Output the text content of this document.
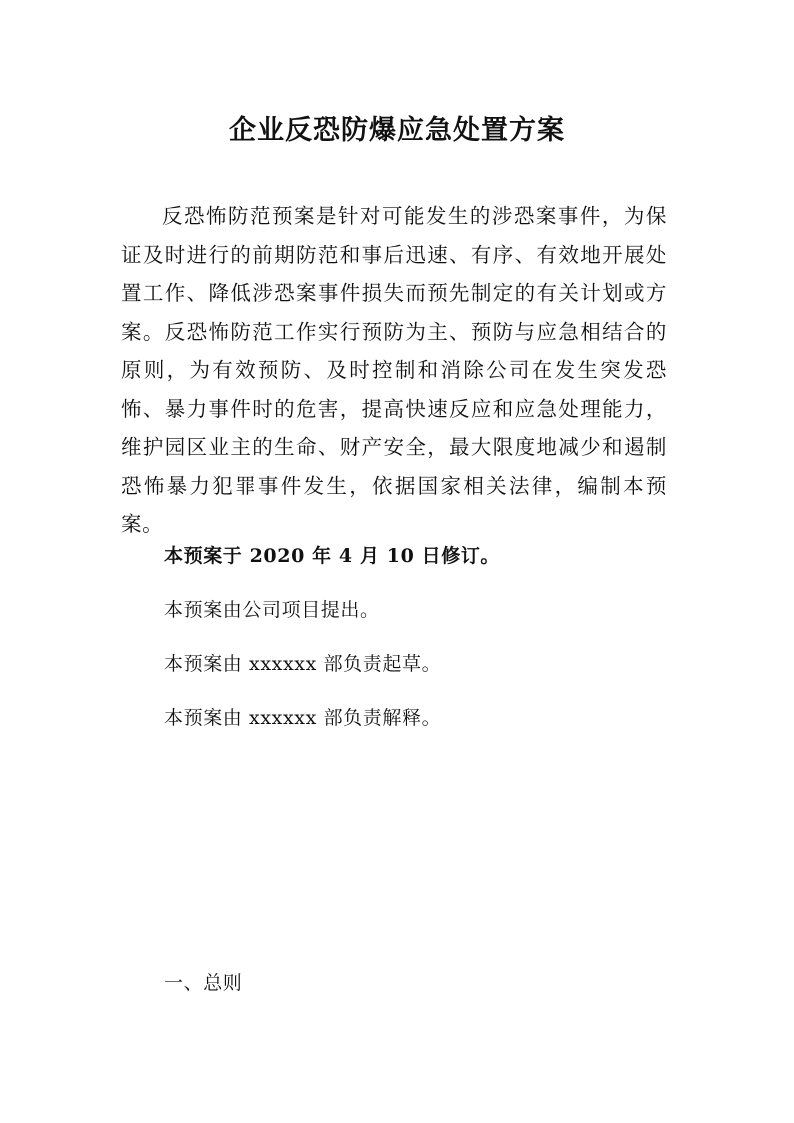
企业反恐防爆应急处置方案

反恐怖防范预案是针对可能发生的涉恐案事件，为保证及时进行的前期防范和事后迅速、有序、有效地开展处置工作、降低涉恐案事件损失而预先制定的有关计划或方案。反恐怖防范工作实行预防为主、预防与应急相结合的原则，为有效预防、及时控制和消除公司在发生突发恐怖、暴力事件时的危害，提高快速反应和应急处理能力，维护园区业主的生命、财产安全，最大限度地减少和遏制恐怖暴力犯罪事件发生，依据国家相关法律，编制本预案。

本预案于 2020 年 4 月 10 日修订。

本预案由公司项目提出。

本预案由 xxxxxx 部负责起草。

本预案由 xxxxxx 部负责解释。

一、总则
